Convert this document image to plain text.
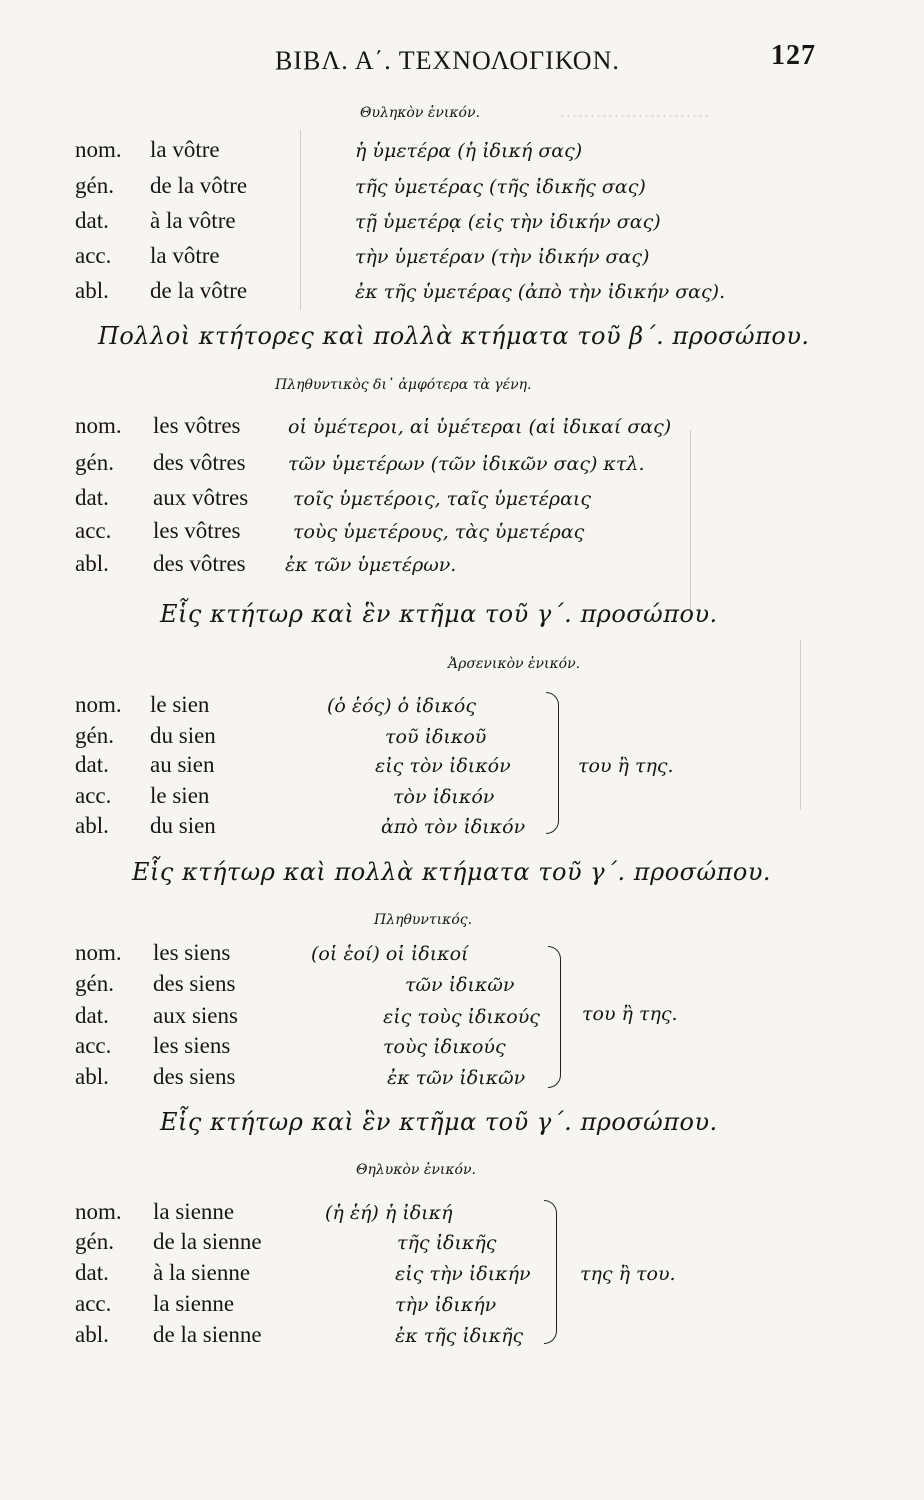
.........................
ΒΙΒΛ. Α΄. ΤΕΧΝΟΛΟΓΙΚΟΝ.	127
Θυληκὸν ἑνικόν.
nom. la vôtre	ἡ ὑμετέρα (ἡ ἰδική σας)
gén. de la vôtre	τῆς ὑμετέρας (τῆς ἰδικῆς σας)
dat. à la vôtre	τῇ ὑμετέρᾳ (εἰς τὴν ἰδικήν σας)
acc. la vôtre	τὴν ὑμετέραν (τὴν ἰδικήν σας)
abl. de la vôtre	ἐκ τῆς ὑμετέρας (ἀπὸ τὴν ἰδικήν σας).
Πολλοὶ κτήτορες καὶ πολλὰ κτήματα τοῦ β΄. προσώπου.
Πληθυντικὸς δι᾽ ἀμφότερα τὰ γένη.
nom. les vôtres οἱ ὑμέτεροι, αἱ ὑμέτεραι (αἱ ἰδικαί σας)
gén. des vôtres τῶν ὑμετέρων (τῶν ἰδικῶν σας) κτλ.
dat. aux vôtres τοῖς ὑμετέροις, ταῖς ὑμετέραις
acc. les vôtres	τοὺς ὑμετέρους, τὰς ὑμετέρας
abl. des vôtres ἐκ τῶν ὑμετέρων.
Εἷς κτήτωρ καὶ ἓν κτῆμα τοῦ γ΄. προσώπου.
Ἀρσενικὸν ἑνικόν.
nom. le sien	(ὁ ἑός) ὁ ἰδικός
gén. du sien	τοῦ ἰδικοῦ
dat. au sien	εἰς τὸν ἰδικόν
acc. le sien	τὸν ἰδικόν
abl. du sien	ἀπὸ τὸν ἰδικόν
του ἢ της.
Εἷς κτήτωρ καὶ πολλὰ κτήματα τοῦ γ΄. προσώπου.
Πληθυντικός.
nom. les siens	(οἱ ἑοί) οἱ ἰδικοί
gén. des siens	τῶν ἰδικῶν
dat. aux siens	εἰς τοὺς ἰδικούς
acc. les siens	τοὺς ἰδικούς
abl. des siens	ἐκ τῶν ἰδικῶν
του ἢ της.
Εἷς κτήτωρ καὶ ἓν κτῆμα τοῦ γ΄. προσώπου.
Θηλυκὸν ἑνικόν.
nom. la sienne	(ἡ ἑή) ἡ ἰδική
gén. de la sienne	τῆς ἰδικῆς
dat. à la sienne	εἰς τὴν ἰδικήν
acc. la sienne	τὴν ἰδικήν
abl. de la sienne	ἐκ τῆς ἰδικῆς
της ἢ του.
